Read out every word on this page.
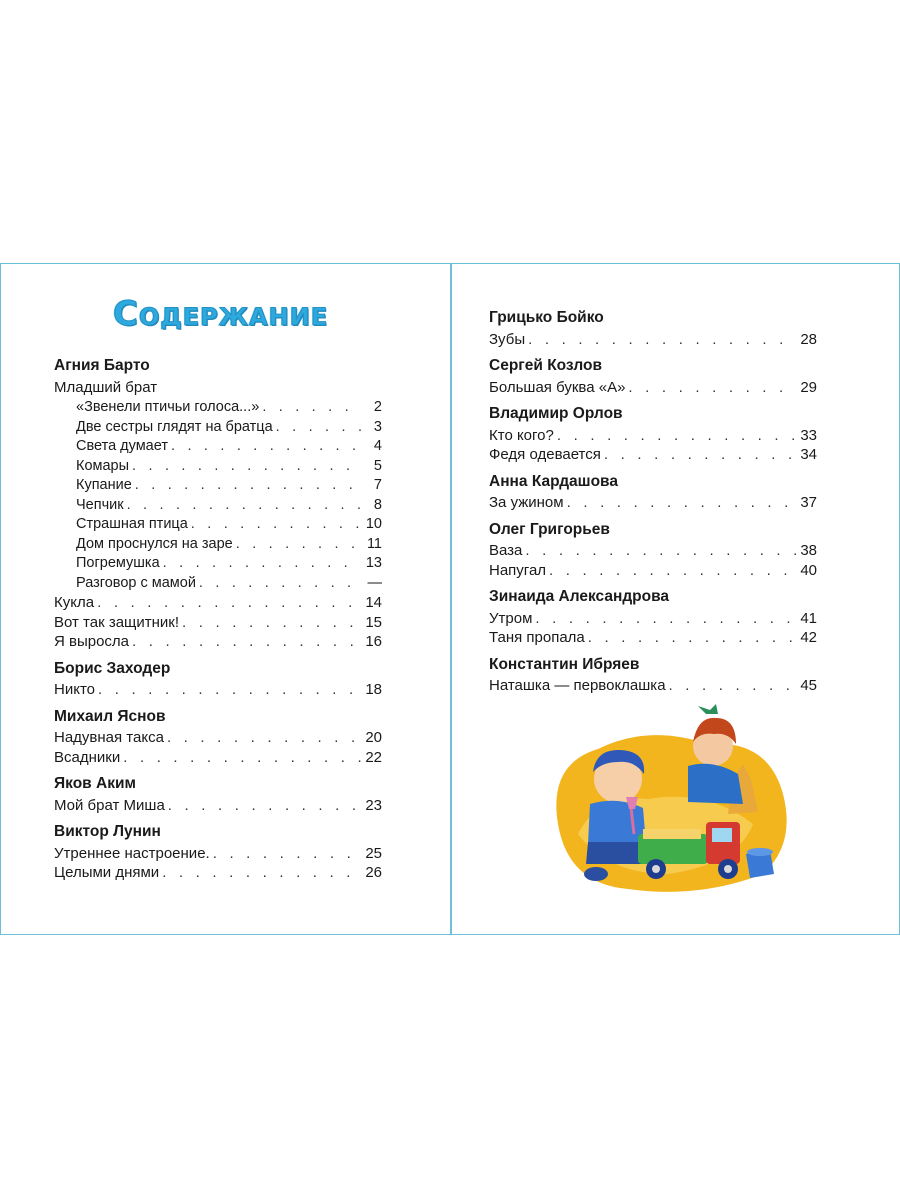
Содержание
Агния Барто
Младший брат
«Звенели птичьи голоса...» . . .	2
Две сестры глядят на братца . . .	3
Света думает . . .	4
Комары . . .	5
Купание . . .	7
Чепчик . . .	8
Страшная птица . . .	10
Дом проснулся на заре . . .	11
Погремушка . . .	13
Разговор с мамой . . .	—
Кукла . . .	14
Вот так защитник! . . .	15
Я выросла . . .	16
Борис Заходер
Никто . . .	18
Михаил Яснов
Надувная такса . . .	20
Всадники . . .	22
Яков Аким
Мой брат Миша . . .	23
Виктор Лунин
Утреннее настроение. . . .	25
Целыми днями . . .	26
Грицько Бойко
Зубы . . .	28
Сергей Козлов
Большая буква «А» . . .	29
Владимир Орлов
Кто кого? . . .	33
Федя одевается . . .	34
Анна Кардашова
За ужином . . .	37
Олег Григорьев
Ваза . . .	38
Напугал . . .	40
Зинаида Александрова
Утром . . .	41
Таня пропала . . .	42
Константин Ибряев
Наташка — первоклашка . . .	45
